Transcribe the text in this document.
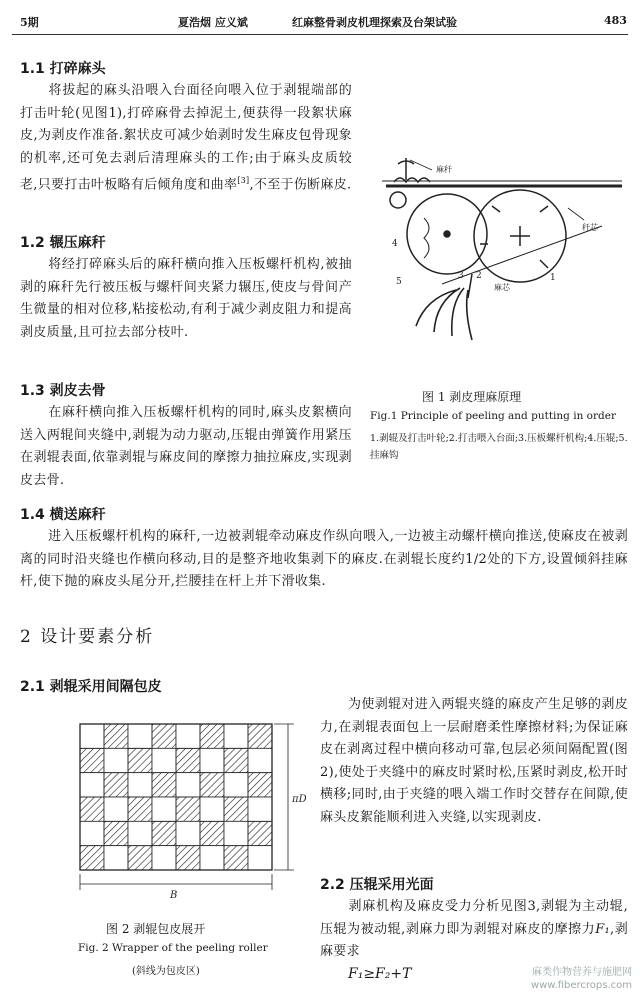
5期	夏浩烟 应义斌	红麻整骨剥皮机理探索及台架试验	483
1.1 打碎麻头
将拔起的麻头沿喂入台面径向喂入位于剥辊端部的打击叶轮(见图1),打碎麻骨去掉泥土,便获得一段絮状麻皮,为剥皮作准备.絮状皮可减少始剥时发生麻皮包骨现象的机率,还可免去剥后清理麻头的工作;由于麻头皮质较老,只要打击叶板略有后倾角度和曲率[3],不至于伤断麻皮.
1.2 辗压麻秆
将经打碎麻头后的麻秆横向推入压板螺杆机构,被抽剥的麻秆先行被压板与螺杆间夹紧力辗压,使皮与骨间产生微量的相对位移,粘接松动,有利于减少剥皮阻力和提高剥皮质量,且可拉去部分枝叶.
1.3 剥皮去骨
在麻秆横向推入压板螺杆机构的同时,麻头皮絮横向送入两辊间夹缝中,剥辊为动力驱动,压辊由弹簧作用紧压在剥辊表面,依靠剥辊与麻皮间的摩擦力抽拉麻皮,实现剥皮去骨.
麻秆
4
5
3 2	1
麻芯
秆芯
图 1 剥皮理麻原理
Fig.1 Principle of peeling and putting in order
1.剥辊及打击叶轮;2.打击喂入台面;3.压板螺杆机构;4.压辊;5.挂麻钩
1.4 横送麻秆
进入压板螺杆机构的麻秆,一边被剥辊牵动麻皮作纵向喂入,一边被主动螺杆横向推送,使麻皮在被剥离的同时沿夹缝也作横向移动,目的是整齐地收集剥下的麻皮.在剥辊长度约1/2处的下方,设置倾斜挂麻杆,使下抛的麻皮头尾分开,拦腰挂在杆上并下滑收集.
2 设计要素分析
2.1 剥辊采用间隔包皮
为使剥辊对进入两辊夹缝的麻皮产生足够的剥皮力,在剥辊表面包上一层耐磨柔性摩擦材料;为保证麻皮在剥离过程中横向移动可靠,包层必须间隔配置(图2),使处于夹缝中的麻皮时紧时松,压紧时剥皮,松开时横移;同时,由于夹缝的喂入端工作时交替存在间隙,使麻头皮絮能顺利进入夹缝,以实现剥皮.
πD
B
图 2 剥辊包皮展开
Fig. 2 Wrapper of the peeling roller
(斜线为包皮区)
2.2 压辊采用光面
剥麻机构及麻皮受力分析见图3,剥辊为主动辊,压辊为被动辊,剥麻力即为剥辊对麻皮的摩擦力F₁,剥麻要求
F₁≥F₂+T	麻类作物营养与施肥网
www.fibercrops.com
